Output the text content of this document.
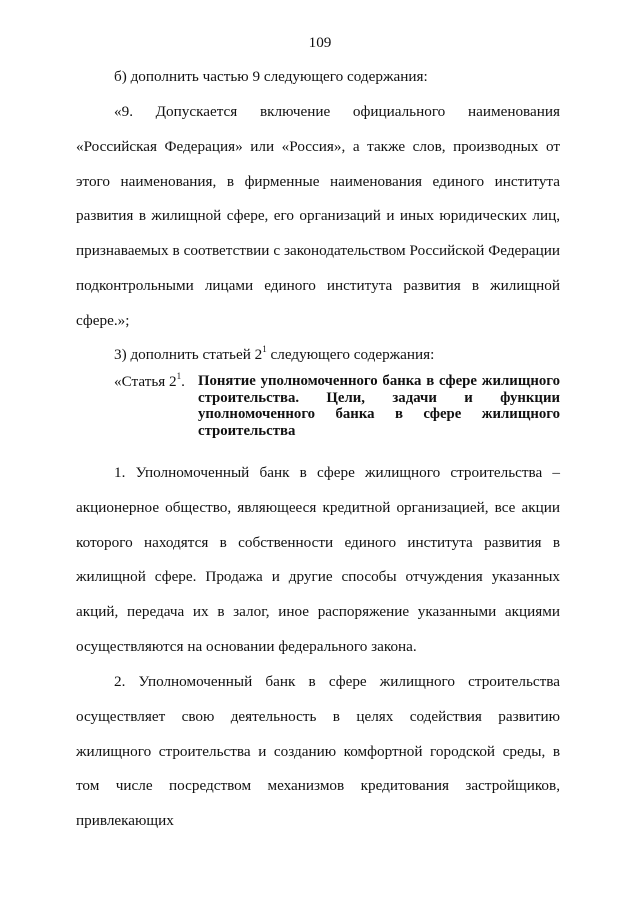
109

б) дополнить частью 9 следующего содержания:

«9. Допускается включение официального наименования «Российская Федерация» или «Россия», а также слов, производных от этого наименования, в фирменные наименования единого института развития в жилищной сфере, его организаций и иных юридических лиц, признаваемых в соответствии с законодательством Российской Федерации подконтрольными лицами единого института развития в жилищной сфере.»;

3) дополнить статьей $2^1$ следующего содержания:

«Статья $2^1$. Понятие уполномоченного банка в сфере жилищного строительства. Цели, задачи и функции уполномоченного банка в сфере жилищного строительства

1. Уполномоченный банк в сфере жилищного строительства – акционерное общество, являющееся кредитной организацией, все акции которого находятся в собственности единого института развития в жилищной сфере. Продажа и другие способы отчуждения указанных акций, передача их в залог, иное распоряжение указанными акциями осуществляются на основании федерального закона.

2. Уполномоченный банк в сфере жилищного строительства осуществляет свою деятельность в целях содействия развитию жилищного строительства и созданию комфортной городской среды, в том числе посредством механизмов кредитования застройщиков, привлекающих
